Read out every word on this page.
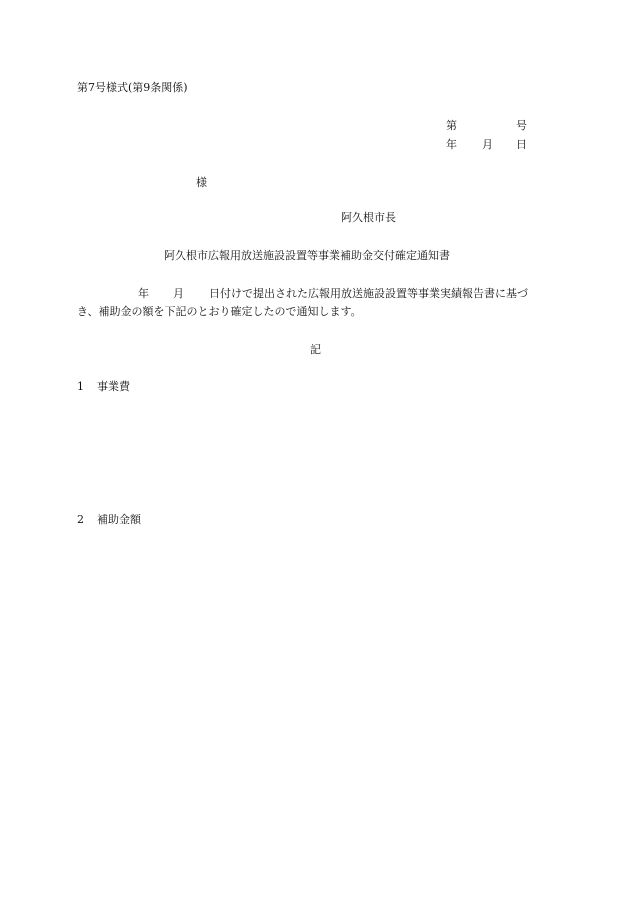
第7号様式(第9条関係)
第	号
年 月 日
様
阿久根市長
阿久根市広報用放送施設設置等事業補助金交付確定通知書
年 月 日付けで提出された広報用放送施設設置等事業実績報告書に基づ
き、補助金の額を下記のとおり確定したので通知します。
記
1 事業費
2 補助金額
